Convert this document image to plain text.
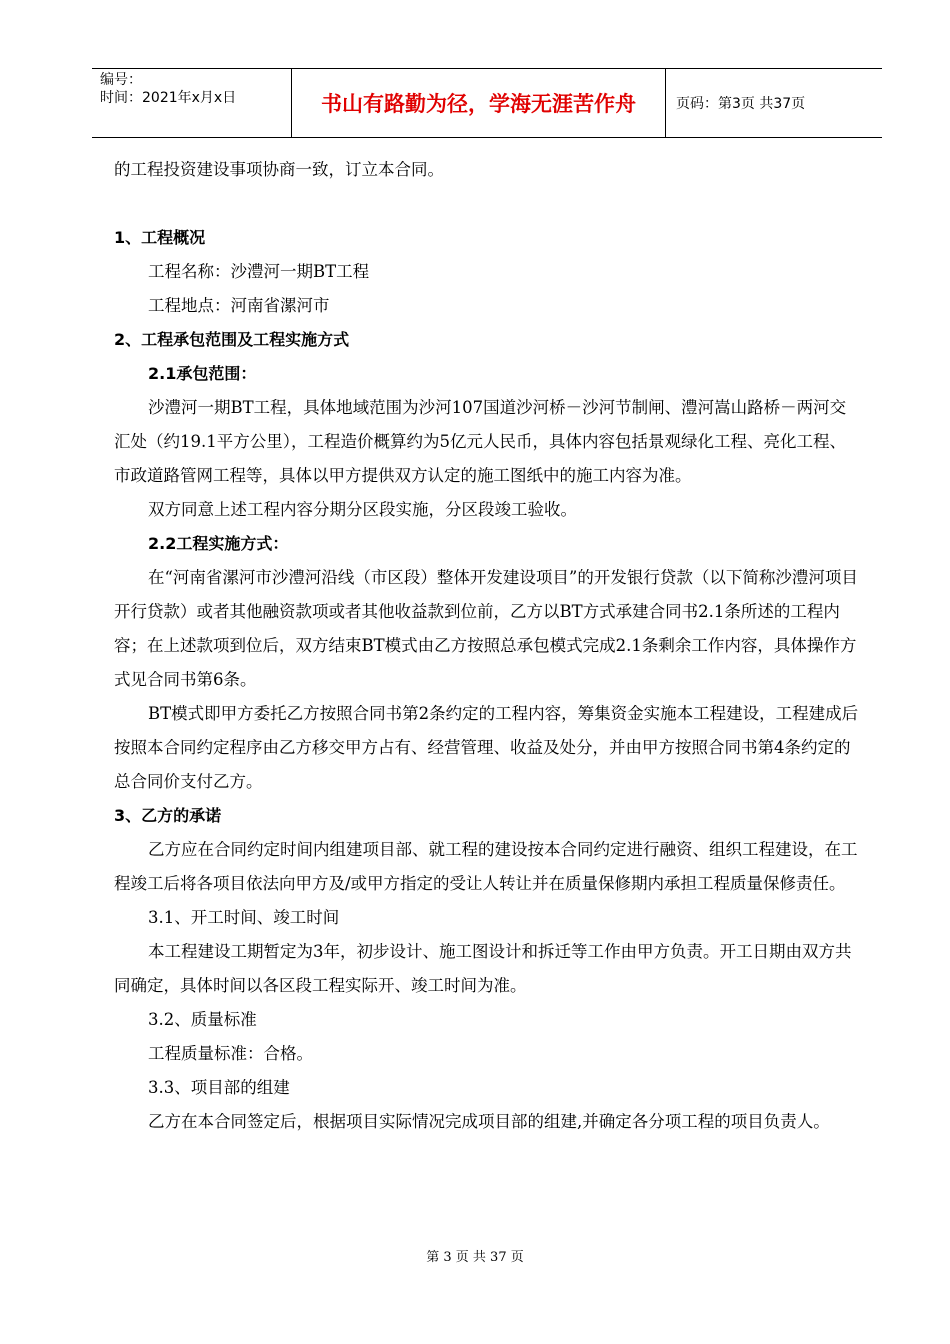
编号：
时间：2021年x月x日	书山有路勤为径，学海无涯苦作舟	页码：第3页 共37页

的工程投资建设事项协商一致，订立本合同。

1、工程概况

工程名称：沙澧河一期BT工程

工程地点：河南省漯河市

2、工程承包范围及工程实施方式

2.1承包范围：

沙澧河一期BT工程，具体地域范围为沙河107国道沙河桥－沙河节制闸、澧河嵩山路桥－两河交汇处（约19.1平方公里），工程造价概算约为5亿元人民币，具体内容包括景观绿化工程、亮化工程、市政道路管网工程等，具体以甲方提供双方认定的施工图纸中的施工内容为准。

双方同意上述工程内容分期分区段实施，分区段竣工验收。

2.2工程实施方式：

在“河南省漯河市沙澧河沿线（市区段）整体开发建设项目”的开发银行贷款（以下简称沙澧河项目开行贷款）或者其他融资款项或者其他收益款到位前，乙方以BT方式承建合同书2.1条所述的工程内容；在上述款项到位后，双方结束BT模式由乙方按照总承包模式完成2.1条剩余工作内容，具体操作方式见合同书第6条。

BT模式即甲方委托乙方按照合同书第2条约定的工程内容，筹集资金实施本工程建设，工程建成后按照本合同约定程序由乙方移交甲方占有、经营管理、收益及处分，并由甲方按照合同书第4条约定的总合同价支付乙方。

3、乙方的承诺

乙方应在合同约定时间内组建项目部、就工程的建设按本合同约定进行融资、组织工程建设，在工程竣工后将各项目依法向甲方及/或甲方指定的受让人转让并在质量保修期内承担工程质量保修责任。

3.1、开工时间、竣工时间

本工程建设工期暂定为3年，初步设计、施工图设计和拆迁等工作由甲方负责。开工日期由双方共同确定，具体时间以各区段工程实际开、竣工时间为准。

3.2、质量标准

工程质量标准：合格。

3.3、项目部的组建

乙方在本合同签定后，根据项目实际情况完成项目部的组建,并确定各分项工程的项目负责人。

第 3 页 共 37 页
